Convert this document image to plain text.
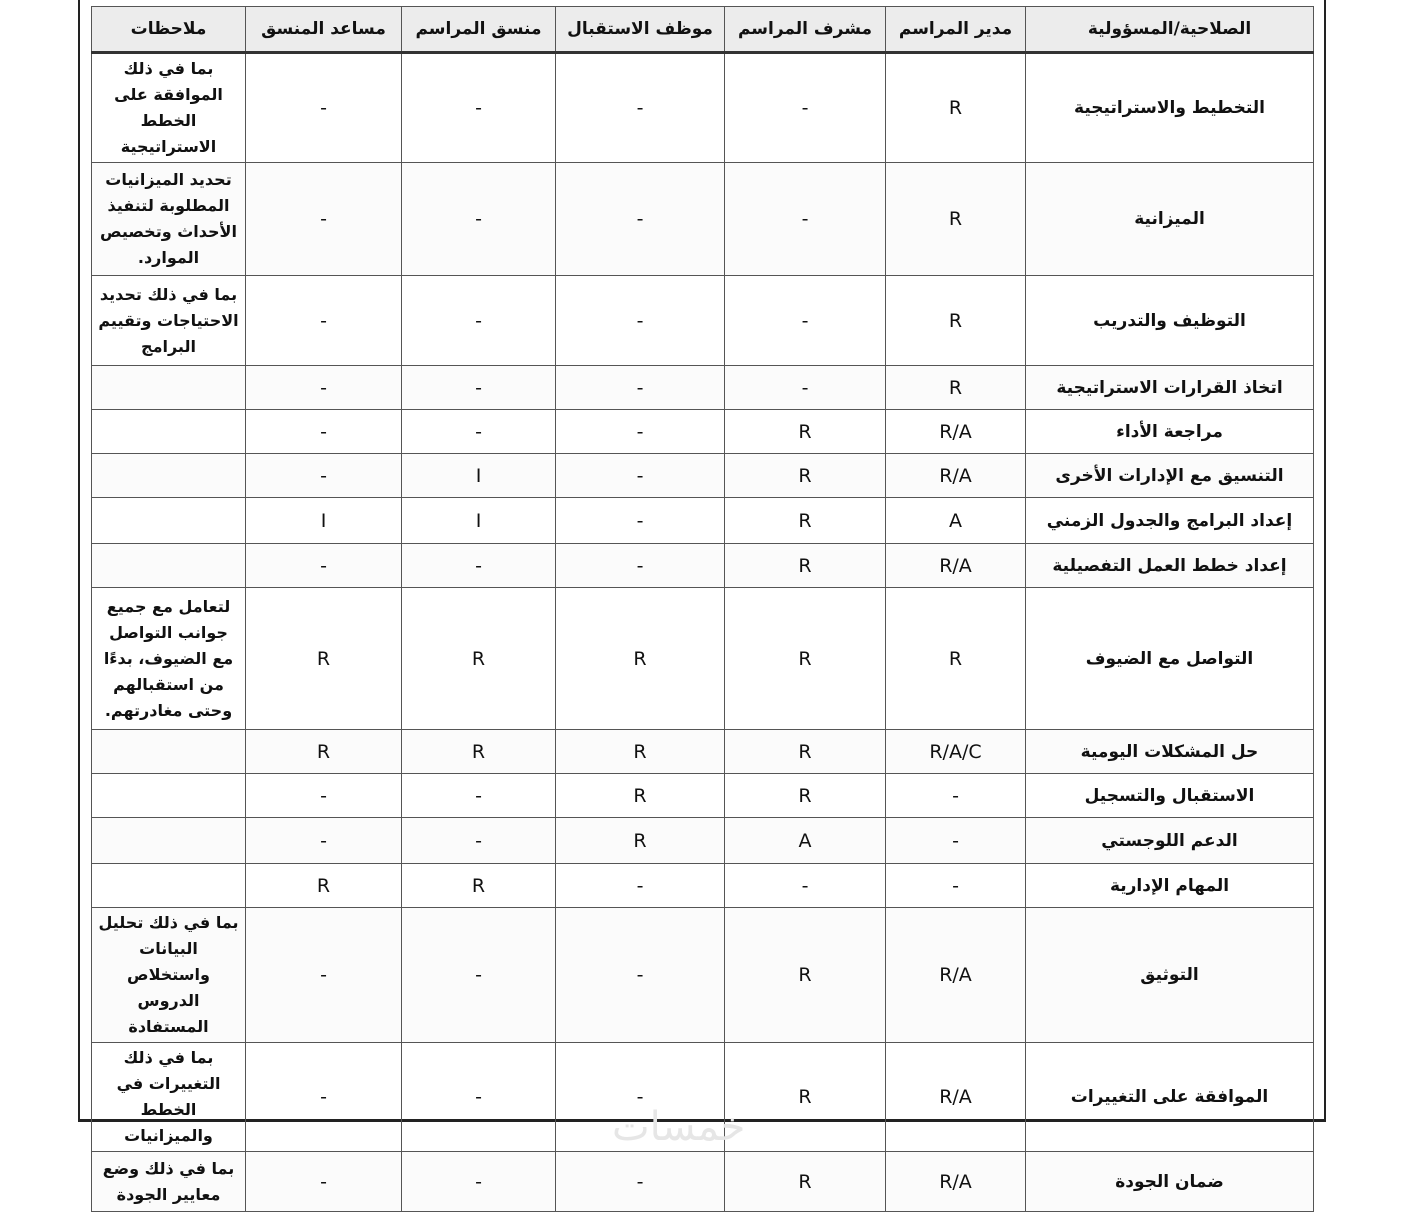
الصلاحية/المسؤولية	مدير المراسم	مشرف المراسم	موظف الاستقبال	منسق المراسم	مساعد المنسق	ملاحظات
التخطيط والاستراتيجية	R	-	-	-	-	بما في ذلك الموافقة على الخطط الاستراتيجية
الميزانية	R	-	-	-	-	تحديد الميزانيات المطلوبة لتنفيذ الأحداث وتخصيص الموارد.
التوظيف والتدريب	R	-	-	-	-	بما في ذلك تحديد الاحتياجات وتقييم البرامج
اتخاذ القرارات الاستراتيجية	R	-	-	-	-	
مراجعة الأداء	R/A	R	-	-	-	
التنسيق مع الإدارات الأخرى	R/A	R	-	I	-	
إعداد البرامج والجدول الزمني	A	R	-	I	I	
إعداد خطط العمل التفصيلية	R/A	R	-	-	-	
التواصل مع الضيوف	R	R	R	R	R	لتعامل مع جميع جوانب التواصل مع الضيوف، بدءًا من استقبالهم وحتى مغادرتهم.
حل المشكلات اليومية	R/A/C	R	R	R	R	
الاستقبال والتسجيل	-	R	R	-	-	
الدعم اللوجستي	-	A	R	-	-	
المهام الإدارية	-	-	-	R	R	
التوثيق	R/A	R	-	-	-	بما في ذلك تحليل البيانات واستخلاص الدروس المستفادة
الموافقة على التغييرات	R/A	R	-	-	-	بما في ذلك التغييرات في الخطط والميزانيات
ضمان الجودة	R/A	R	-	-	-	بما في ذلك وضع معايير الجودة
خمسات
